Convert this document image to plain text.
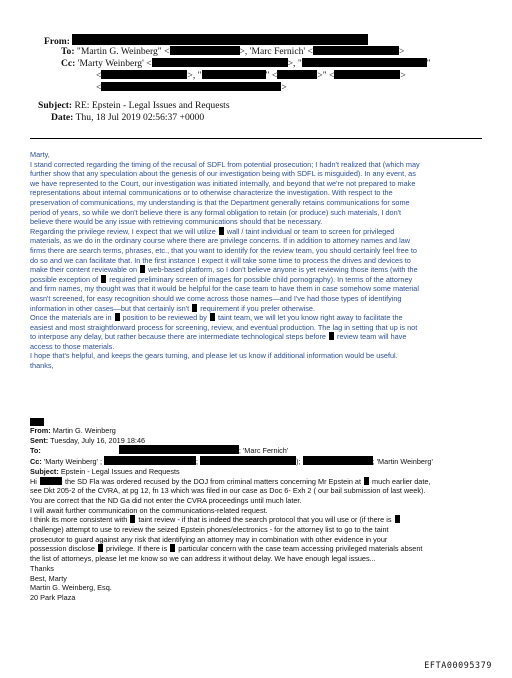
From:
To: "Martin G. Weinberg" <	>, 'Marc Fernich' <	>
Cc: 'Marty Weinberg' <	>, "	"
<	>, "	" <	>" <	>
<	>
Subject: RE: Epstein - Legal Issues and Requests
Date: Thu, 18 Jul 2019 02:56:37 +0000

Marty,

I stand corrected regarding the timing of the recusal of SDFL from potential prosecution; I hadn't realized that (which may

further show that any speculation about the genesis of our investigation being with SDFL is misguided). In any event, as

we have represented to the Court, our investigation was initiated internally, and beyond that we're not prepared to make

representations about internal communications or to otherwise characterize the investigation. With respect to the

preservation of communications, my understanding is that the Department generally retains communications for some

period of years, so while we don't believe there is any formal obligation to retain (or produce) such materials, I don't

believe there would be any issue with retrieving communications should that be necessary.

Regarding the privilege review, I expect that we will utilize  wall / taint individual or team to screen for privileged

materials, as we do in the ordinary course where there are privilege concerns. If in addition to attorney names and law

firms there are search terms, phrases, etc., that you want to identify for the review team, you should certainly feel free to

do so and we can facilitate that. In the first instance I expect it will take some time to process the drives and devices to

make their content reviewable on  web-based platform, so I don't believe anyone is yet reviewing those items (with the

possible exception of  required preliminary screen of images for possible child pornography). In terms of the attorney

and firm names, my thought was that it would be helpful for the case team to have them in case somehow some material

wasn't screened, for easy recognition should we come across those names—and I've had those types of identifying

information in other cases—but that certainly isn't  requirement if you prefer otherwise.

Once the materials are in  position to be reviewed by  taint team, we will let you know right away to facilitate the

easiest and most straightforward process for screening, review, and eventual production. The lag in setting that up is not

to interpose any delay, but rather because there are intermediate technological steps before  review team will have

access to those materials.

I hope that's helpful, and keeps the gears turning, and please let us know if additional information would be useful.

thanks,

From: Martin G. Weinberg

Sent: Tuesday, July 16, 2019 18:46

To:	; 'Marc Fernich'

Cc: 'Marty Weinberg' ;	;	);	; 'Martin Weinberg'

Subject: Epstein - Legal Issues and Requests

Hi	the SD Fla was ordered recused by the DOJ from criminal matters concerning Mr Epstein at  much earlier date,

see Dkt 205-2 of the CVRA, at pg 12, fn 13 which was filed in our case as Doc 6- Exh 2 ( our bail submission of last week).

You are correct that the ND Ga did not enter the CVRA proceedings until much later.

I will await further communication on the communications-related request.

I think its more consistent with  taint review - if that is indeed the search protocol that you will use or (if there is

challenge) attempt to use to review the seized Epstein phones/electronics - for the attorney list to go to the taint

prosecutor to guard against any risk that identifying an attorney may in combination with other evidence in your

possession disclose  privilege. If there is  particular concern with the case team accessing privileged materials absent

the list of attorneys, please let me know so we can address it without delay. We have enough legal issues...

Thanks

Best, Marty

Martin G. Weinberg, Esq.

20 Park Plaza

EFTA00095379
